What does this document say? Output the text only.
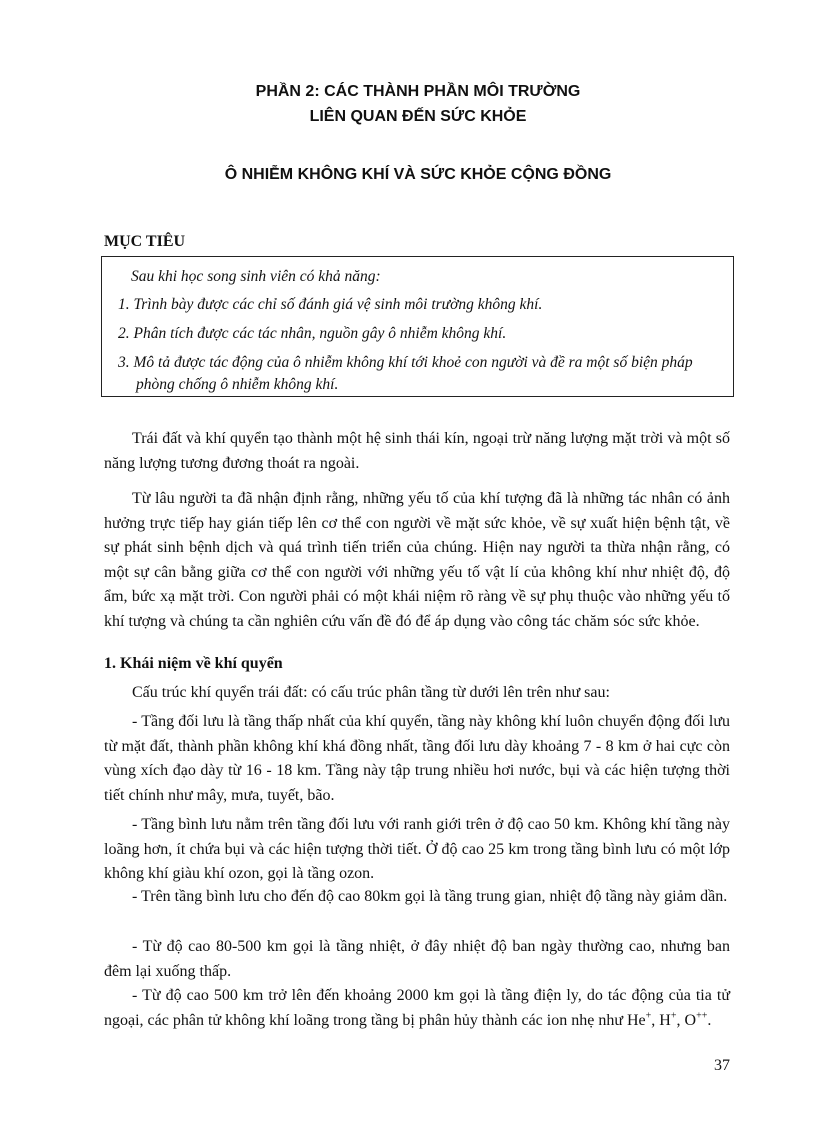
PHẦN 2: CÁC THÀNH PHẦN MÔI TRƯỜNG
LIÊN QUAN ĐẾN SỨC KHỎE
Ô NHIỄM KHÔNG KHÍ VÀ SỨC KHỎE CỘNG ĐỒNG
MỤC TIÊU
Sau khi học song sinh viên có khả năng:
1. Trình bày được các chỉ số đánh giá vệ sinh môi trường không khí.
2. Phân tích được các tác nhân, nguồn gây ô nhiễm không khí.
3. Mô tả được tác động của ô nhiễm không khí tới khoẻ con người và đề ra một số biện pháp
phòng chống ô nhiễm không khí.

Trái đất và khí quyển tạo thành một hệ sinh thái kín, ngoại trừ năng lượng mặt trời và một số năng lượng tương đương thoát ra ngoài.

Từ lâu người ta đã nhận định rằng, những yếu tố của khí tượng đã là những tác nhân có ảnh hưởng trực tiếp hay gián tiếp lên cơ thể con người về mặt sức khỏe, về sự xuất hiện bệnh tật, về sự phát sinh bệnh dịch và quá trình tiến triển của chúng. Hiện nay người ta thừa nhận rằng, có một sự cân bằng giữa cơ thể con người với những yếu tố vật lí của không khí như nhiệt độ, độ ẩm, bức xạ mặt trời. Con người phải có một khái niệm rõ ràng về sự phụ thuộc vào những yếu tố khí tượng và chúng ta cần nghiên cứu vấn đề đó để áp dụng vào công tác chăm sóc sức khỏe.

1. Khái niệm về khí quyển

Cấu trúc khí quyển trái đất: có cấu trúc phân tầng từ dưới lên trên như sau:

- Tầng đối lưu là tầng thấp nhất của khí quyển, tầng này không khí luôn chuyển động đối lưu từ mặt đất, thành phần không khí khá đồng nhất, tầng đối lưu dày khoảng 7 - 8 km ở hai cực còn vùng xích đạo dày từ 16 - 18 km. Tầng này tập trung nhiều hơi nước, bụi và các hiện tượng thời tiết chính như mây, mưa, tuyết, bão.

- Tầng bình lưu nằm trên tầng đối lưu với ranh giới trên ở độ cao 50 km. Không khí tầng này loãng hơn, ít chứa bụi và các hiện tượng thời tiết. Ở độ cao 25 km trong tầng bình lưu có một lớp không khí giàu khí ozon, gọi là tầng ozon.

- Trên tầng bình lưu cho đến độ cao 80km gọi là tầng trung gian, nhiệt độ tầng này giảm dần.

- Từ độ cao 80-500 km gọi là tầng nhiệt, ở đây nhiệt độ ban ngày thường cao, nhưng ban đêm lại xuống thấp.

- Từ độ cao 500 km trở lên đến khoảng 2000 km gọi là tầng điện ly, do tác động của tia tử ngoại, các phân tử không khí loãng trong tầng bị phân hủy thành các ion nhẹ như He+, H+, O++.

37
